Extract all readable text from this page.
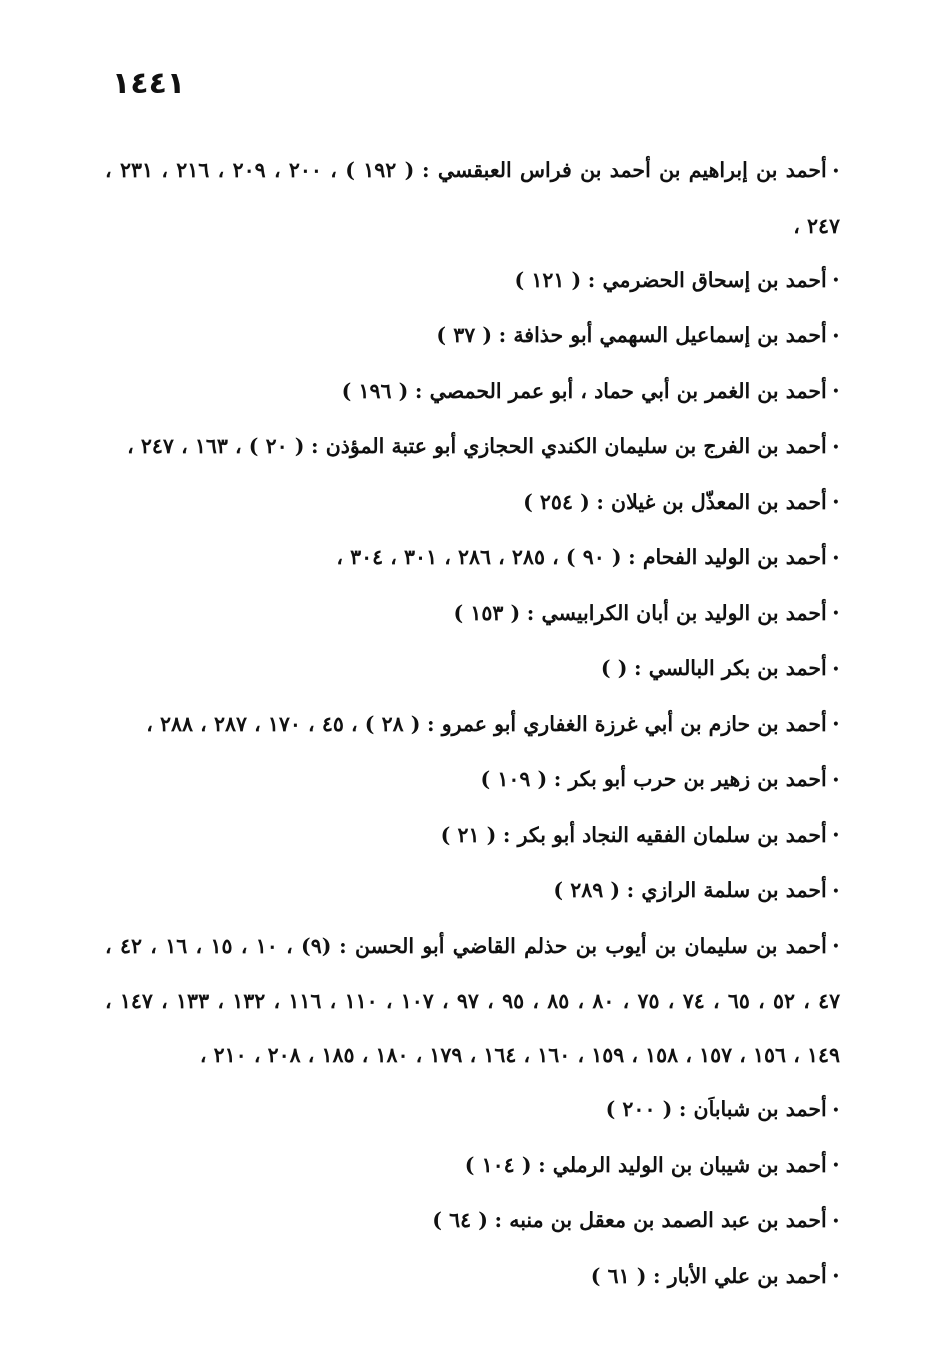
١٤٤١

•أحمد بن إبراهيم بن أحمد بن فراس العبقسي : ( ١٩٢ ) ، ٢٠٠ ، ٢٠٩ ، ٢١٦ ، ٢٣١ ، ٢٤٧ ،

•أحمد بن إسحاق الحضرمي : ( ١٢١ )

•أحمد بن إسماعيل السهمي أبو حذافة : ( ٣٧ )

•أحمد بن الغمر بن أبي حماد ، أبو عمر الحمصي : ( ١٩٦ )

•أحمد بن الفرج بن سليمان الكندي الحجازي أبو عتبة المؤذن : ( ٢٠ ) ، ١٦٣ ، ٢٤٧ ،

•أحمد بن المعذّل بن غيلان : ( ٢٥٤ )

•أحمد بن الوليد الفحام : ( ٩٠ ) ، ٢٨٥ ، ٢٨٦ ، ٣٠١ ، ٣٠٤ ،

•أحمد بن الوليد بن أبان الكرابيسي : ( ١٥٣ )

•أحمد بن بكر البالسي : ( )

•أحمد بن حازم بن أبي غرزة الغفاري أبو عمرو : ( ٢٨ ) ، ٤٥ ، ١٧٠ ، ٢٨٧ ، ٢٨٨ ،

•أحمد بن زهير بن حرب أبو بكر : ( ١٠٩ )

•أحمد بن سلمان الفقيه النجاد أبو بكر : ( ٢١ )

•أحمد بن سلمة الرازي : ( ٢٨٩ )

•أحمد بن سليمان بن أيوب بن حذلم القاضي أبو الحسن : (٩) ، ١٠ ، ١٥ ، ١٦ ، ٤٢ ، ٤٧ ، ٥٢ ، ٦٥ ، ٧٤ ، ٧٥ ، ٨٠ ، ٨٥ ، ٩٥ ، ٩٧ ، ١٠٧ ، ١١٠ ، ١١٦ ، ١٣٢ ، ١٣٣ ، ١٤٧ ، ١٤٩ ، ١٥٦ ، ١٥٧ ، ١٥٨ ، ١٥٩ ، ١٦٠ ، ١٦٤ ، ١٧٩ ، ١٨٠ ، ١٨٥ ، ٢٠٨ ، ٢١٠ ،

•أحمد بن شباباَن : ( ٢٠٠ )

•أحمد بن شيبان بن الوليد الرملي : ( ١٠٤ )

•أحمد بن عبد الصمد بن معقل بن منبه : ( ٦٤ )

•أحمد بن علي الأبار : ( ٦١ )
